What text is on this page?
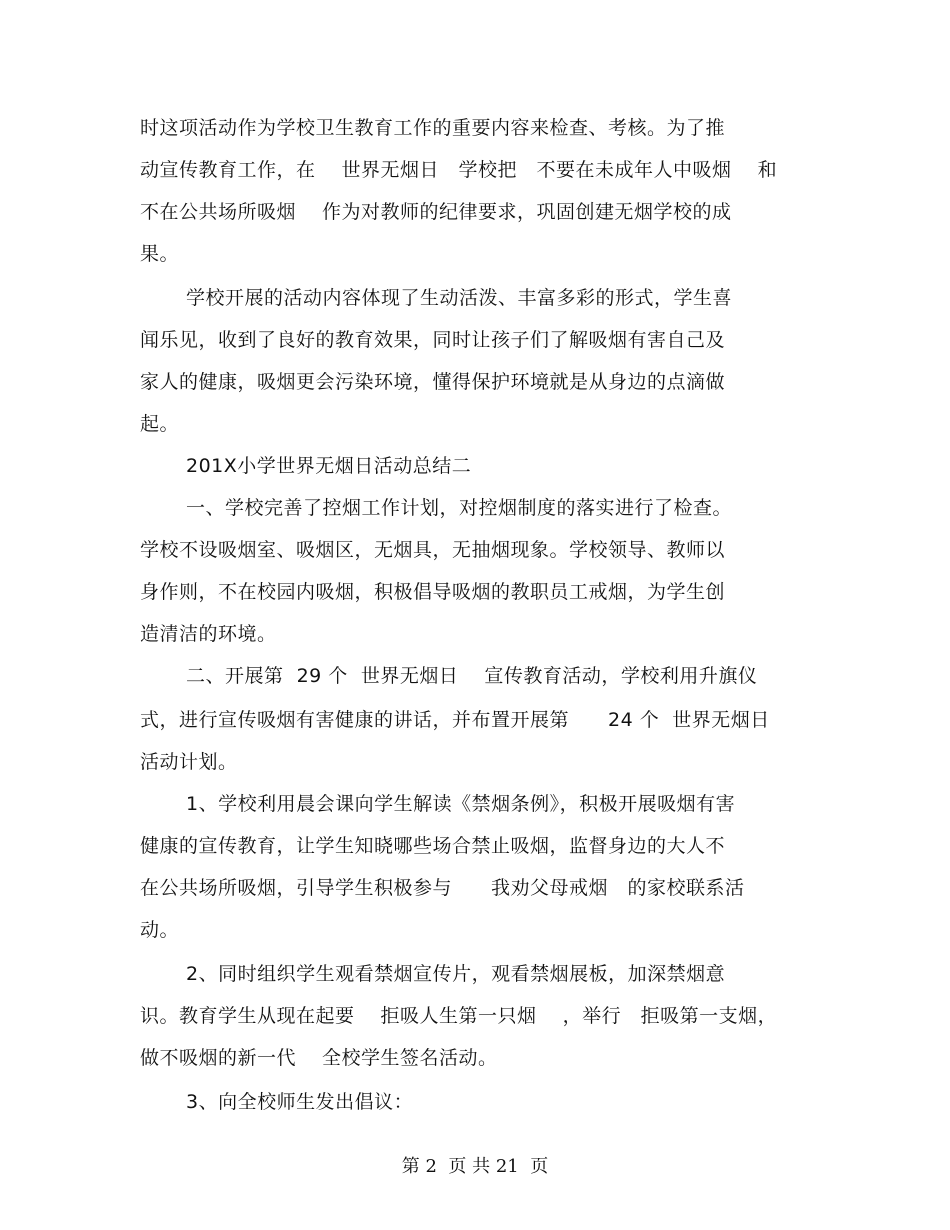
时这项活动作为学校卫生教育工作的重要内容来检查、考核。为了推
动宣传教育工作，在　 世界无烟日　学校把　不要在未成年人中吸烟　 和
不在公共场所吸烟　 作为对教师的纪律要求，巩固创建无烟学校的成
果。
学校开展的活动内容体现了生动活泼、丰富多彩的形式，学生喜
闻乐见，收到了良好的教育效果，同时让孩子们了解吸烟有害自己及
家人的健康，吸烟更会污染环境，懂得保护环境就是从身边的点滴做
起。
201X小学世界无烟日活动总结二
一、学校完善了控烟工作计划，对控烟制度的落实进行了检查。
学校不设吸烟室、吸烟区，无烟具，无抽烟现象。学校领导、教师以
身作则，不在校园内吸烟，积极倡导吸烟的教职员工戒烟，为学生创
造清洁的环境。
二、开展第  29 个  世界无烟日　 宣传教育活动，学校利用升旗仪
式，进行宣传吸烟有害健康的讲话，并布置开展第　　24 个  世界无烟日
活动计划。
1、学校利用晨会课向学生解读《禁烟条例》，积极开展吸烟有害
健康的宣传教育，让学生知晓哪些场合禁止吸烟，监督身边的大人不
在公共场所吸烟，引导学生积极参与　　我劝父母戒烟　的家校联系活
动。
2、同时组织学生观看禁烟宣传片，观看禁烟展板，加深禁烟意
识。教育学生从现在起要　 拒吸人生第一只烟　 ，举行　拒吸第一支烟，
做不吸烟的新一代　 全校学生签名活动。
3、向全校师生发出倡议：
第 2  页 共 21  页
